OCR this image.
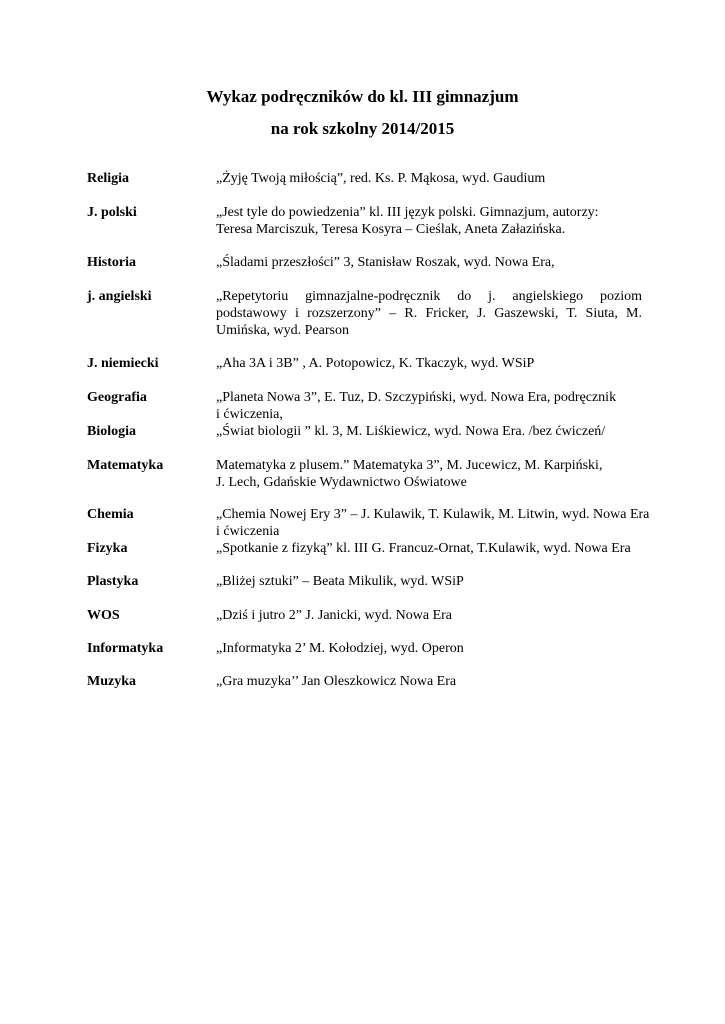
Wykaz podręczników do kl. III gimnazjum
na rok szkolny 2014/2015
Religia	„Żyję Twoją miłością”, red. Ks. P. Mąkosa, wyd. Gaudium
J. polski	„Jest tyle do powiedzenia” kl. III język polski. Gimnazjum, autorzy:
Teresa Marciszuk, Teresa Kosyra – Cieślak, Aneta Załazińska.
Historia	„Śladami przeszłości” 3, Stanisław Roszak, wyd. Nowa Era,
j. angielski	„Repetytoriu gimnazjalne-podręcznik do j. angielskiego poziom
podstawowy i rozszerzony” – R. Fricker, J. Gaszewski, T. Siuta, M.
Umińska, wyd. Pearson
J. niemiecki	„Aha 3A i 3B” , A. Potopowicz, K. Tkaczyk, wyd. WSiP
Geografia	„Planeta Nowa 3”, E. Tuz, D. Szczypiński, wyd. Nowa Era, podręcznik
i ćwiczenia,
Biologia	„Świat biologii ” kl. 3, M. Liśkiewicz, wyd. Nowa Era. /bez ćwiczeń/
Matematyka	Matematyka z plusem.” Matematyka 3”, M. Jucewicz, M. Karpiński,
J. Lech, Gdańskie Wydawnictwo Oświatowe
Chemia	„Chemia Nowej Ery 3” – J. Kulawik, T. Kulawik, M. Litwin, wyd. Nowa Era
i ćwiczenia
Fizyka	„Spotkanie z fizyką” kl. III G. Francuz-Ornat, T.Kulawik, wyd. Nowa Era
Plastyka	„Bliżej sztuki” – Beata Mikulik, wyd. WSiP
WOS	„Dziś i jutro 2” J. Janicki, wyd. Nowa Era
Informatyka	„Informatyka 2’ M. Kołodziej, wyd. Operon
Muzyka	„Gra muzyka’’ Jan Oleszkowicz Nowa Era
